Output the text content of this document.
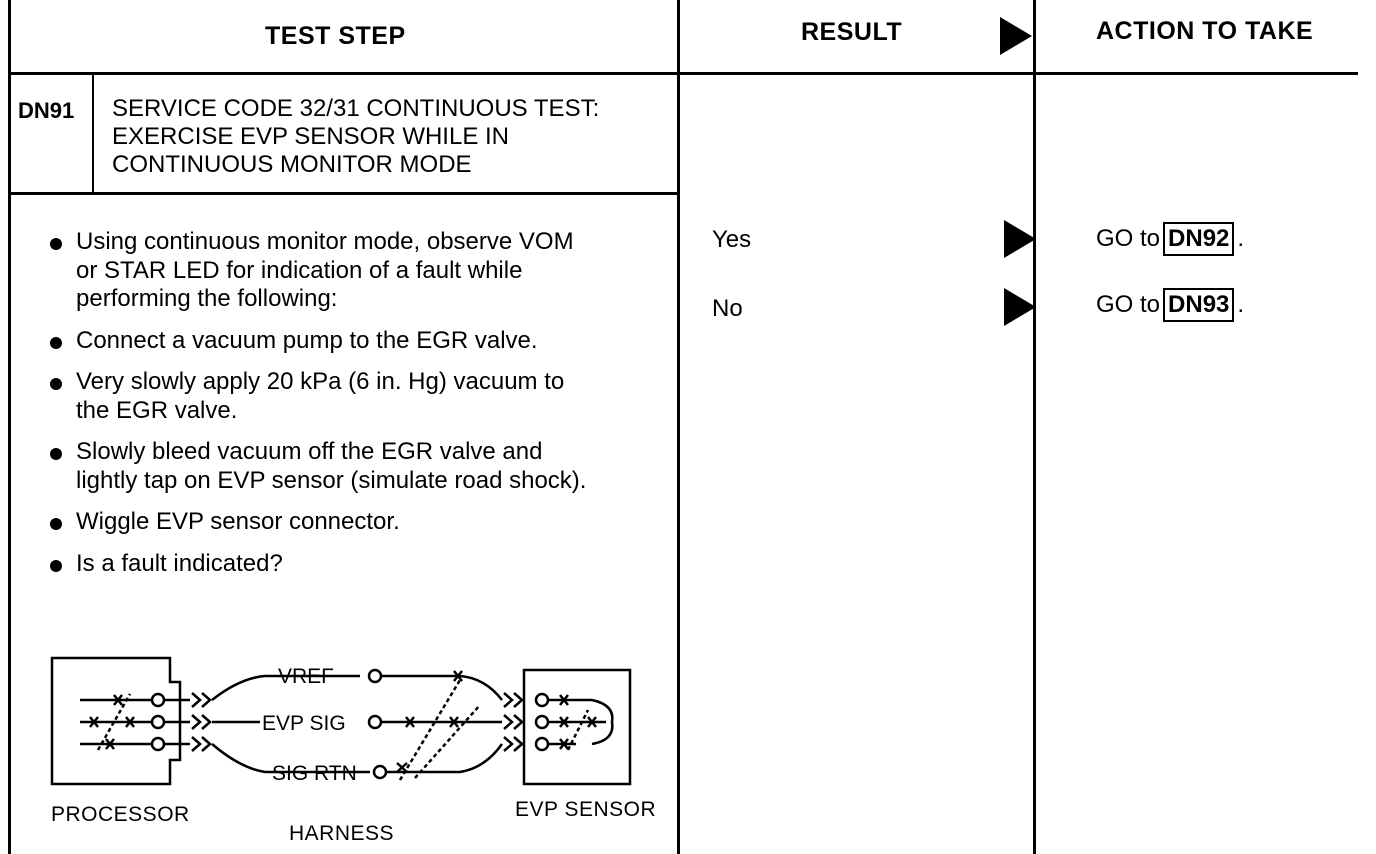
TEST STEP	RESULT	ACTION TO TAKE
DN91 SERVICE CODE 32/31 CONTINUOUS TEST:
EXERCISE EVP SENSOR WHILE IN
CONTINUOUS MONITOR MODE
Using continuous monitor mode, observe VOM
or STAR LED for indication of a fault while
performing the following:
Connect a vacuum pump to the EGR valve.
Very slowly apply 20 kPa (6 in. Hg) vacuum to
the EGR valve.
Slowly bleed vacuum off the EGR valve and
lightly tap on EVP sensor (simulate road shock).
Wiggle EVP sensor connector.
Is a fault indicated?
Yes	GO to DN92 .
No	GO to DN93 .
VREF
EVP SIG
SIG RTN
PROCESSOR
HARNESS
EVP SENSOR
